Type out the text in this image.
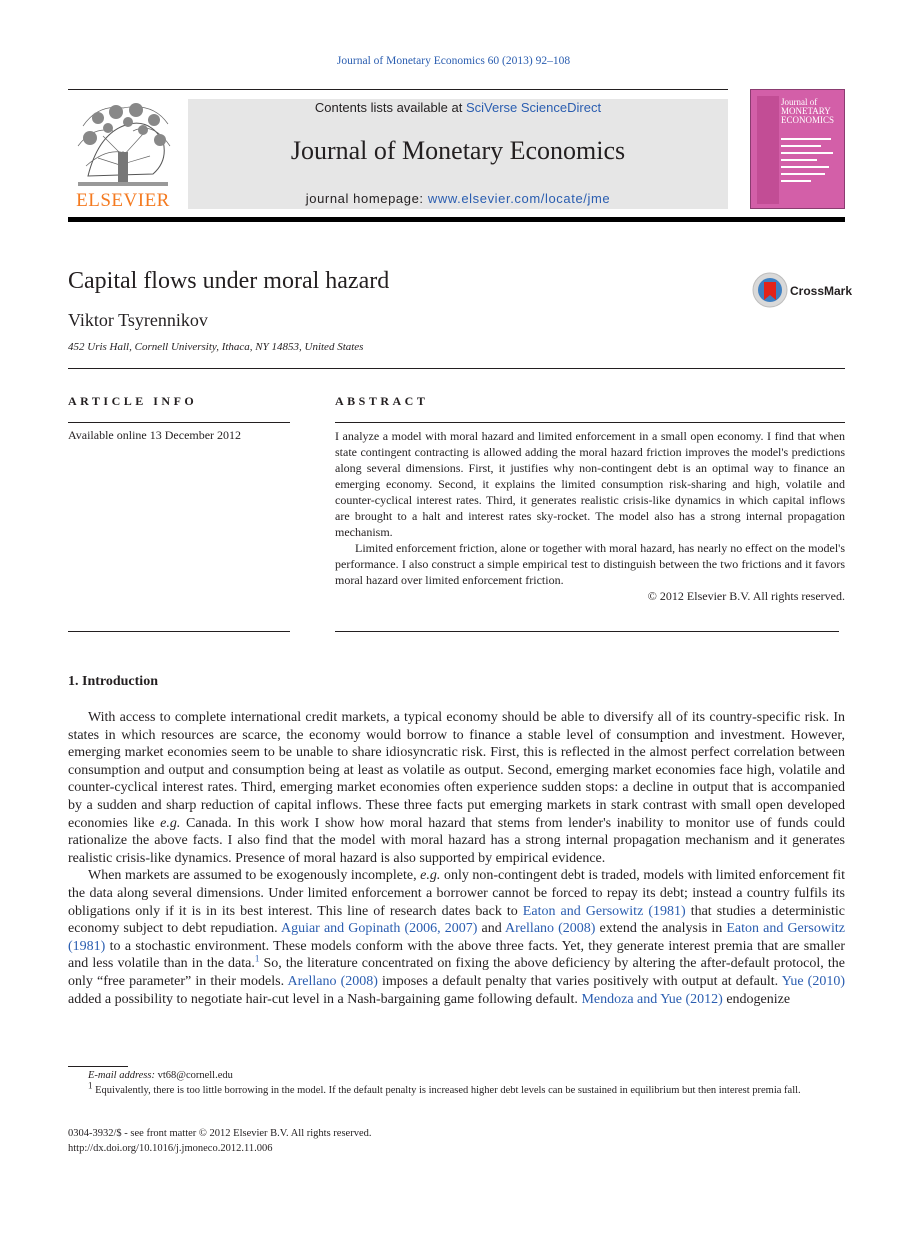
Journal of Monetary Economics 60 (2013) 92–108
ELSEVIER
Contents lists available at SciVerse ScienceDirect
Journal of Monetary Economics
journal homepage: www.elsevier.com/locate/jme
Journal of MONETARY ECONOMICS
Capital flows under moral hazard	CrossMark
Viktor Tsyrennikov
452 Uris Hall, Cornell University, Ithaca, NY 14853, United States
ARTICLE INFO
Available online 13 December 2012
ABSTRACT

I analyze a model with moral hazard and limited enforcement in a small open economy. I find that when state contingent contracting is allowed adding the moral hazard friction improves the model's predictions along several dimensions. First, it justifies why non-contingent debt is an optimal way to finance an emerging economy. Second, it explains the limited consumption risk-sharing and high, volatile and counter-cyclical interest rates. Third, it generates realistic crisis-like dynamics in which capital inflows are brought to a halt and interest rates sky-rocket. The model also has a strong internal propagation mechanism.

Limited enforcement friction, alone or together with moral hazard, has nearly no effect on the model's performance. I also construct a simple empirical test to distinguish between the two frictions and it favors moral hazard over limited enforcement friction.

© 2012 Elsevier B.V. All rights reserved.

1. Introduction

With access to complete international credit markets, a typical economy should be able to diversify all of its country-specific risk. In states in which resources are scarce, the economy would borrow to finance a stable level of consumption and investment. However, emerging market economies seem to be unable to share idiosyncratic risk. First, this is reflected in the almost perfect correlation between consumption and output and consumption being at least as volatile as output. Second, emerging market economies face high, volatile and counter-cyclical interest rates. Third, emerging market economies often experience sudden stops: a decline in output that is accompanied by a sudden and sharp reduction of capital inflows. These three facts put emerging markets in stark contrast with small open developed economies like e.g. Canada. In this work I show how moral hazard that stems from lender's inability to monitor use of funds could rationalize the above facts. I also find that the model with moral hazard has a strong internal propagation mechanism and it generates realistic crisis-like dynamics. Presence of moral hazard is also supported by empirical evidence.

When markets are assumed to be exogenously incomplete, e.g. only non-contingent debt is traded, models with limited enforcement fit the data along several dimensions. Under limited enforcement a borrower cannot be forced to repay its debt; instead a country fulfils its obligations only if it is in its best interest. This line of research dates back to Eaton and Gersowitz (1981) that studies a deterministic economy subject to debt repudiation. Aguiar and Gopinath (2006, 2007) and Arellano (2008) extend the analysis in Eaton and Gersowitz (1981) to a stochastic environment. These models conform with the above three facts. Yet, they generate interest premia that are smaller and less volatile than in the data.$^1$ So, the literature concentrated on fixing the above deficiency by altering the after-default protocol, the only “free parameter” in their models. Arellano (2008) imposes a default penalty that varies positively with output at default. Yue (2010) added a possibility to negotiate hair-cut level in a Nash-bargaining game following default. Mendoza and Yue (2012) endogenize

E-mail address: vt68@cornell.edu
$^1$ Equivalently, there is too little borrowing in the model. If the default penalty is increased higher debt levels can be sustained in equilibrium but then interest premia fall.
0304-3932/$ - see front matter © 2012 Elsevier B.V. All rights reserved.
http://dx.doi.org/10.1016/j.jmoneco.2012.11.006
